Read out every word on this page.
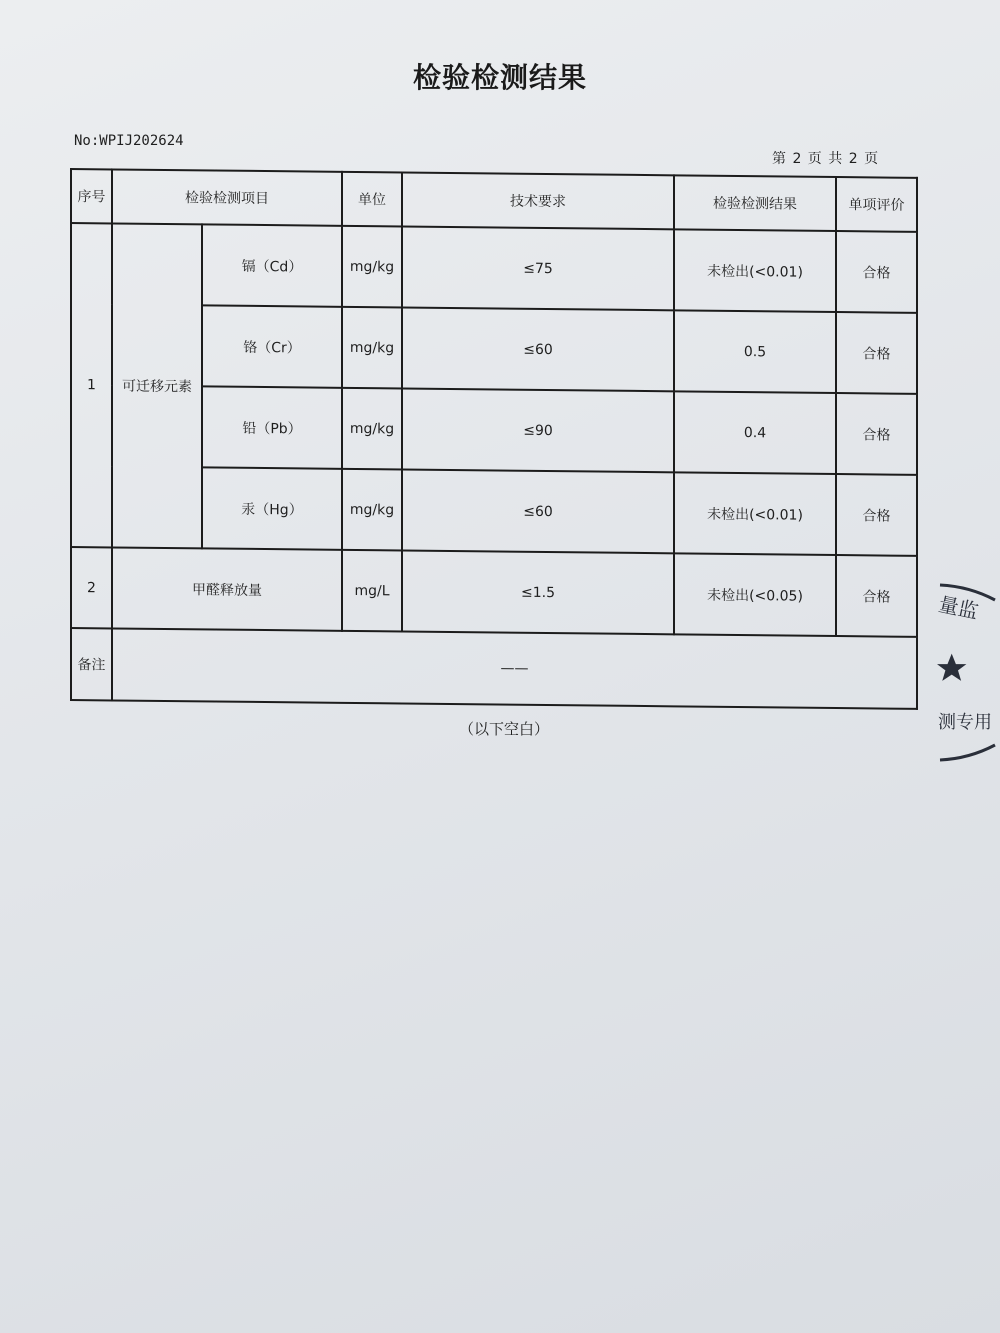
检验检测结果
No:WPIJ202624
第 2 页 共 2 页
序号	检验检测项目		单位	技术要求	检验检测结果	单项评价
1	可迁移元素	镉（Cd）	mg/kg	≤75	未检出(<0.01)	合格
		铬（Cr）	mg/kg	≤60	0.5	合格
		铅（Pb）	mg/kg	≤90	0.4	合格
		汞（Hg）	mg/kg	≤60	未检出(<0.01)	合格
2	甲醛释放量		mg/L	≤1.5	未检出(<0.05)	合格
备注	——					
（以下空白）
量监
测专用
